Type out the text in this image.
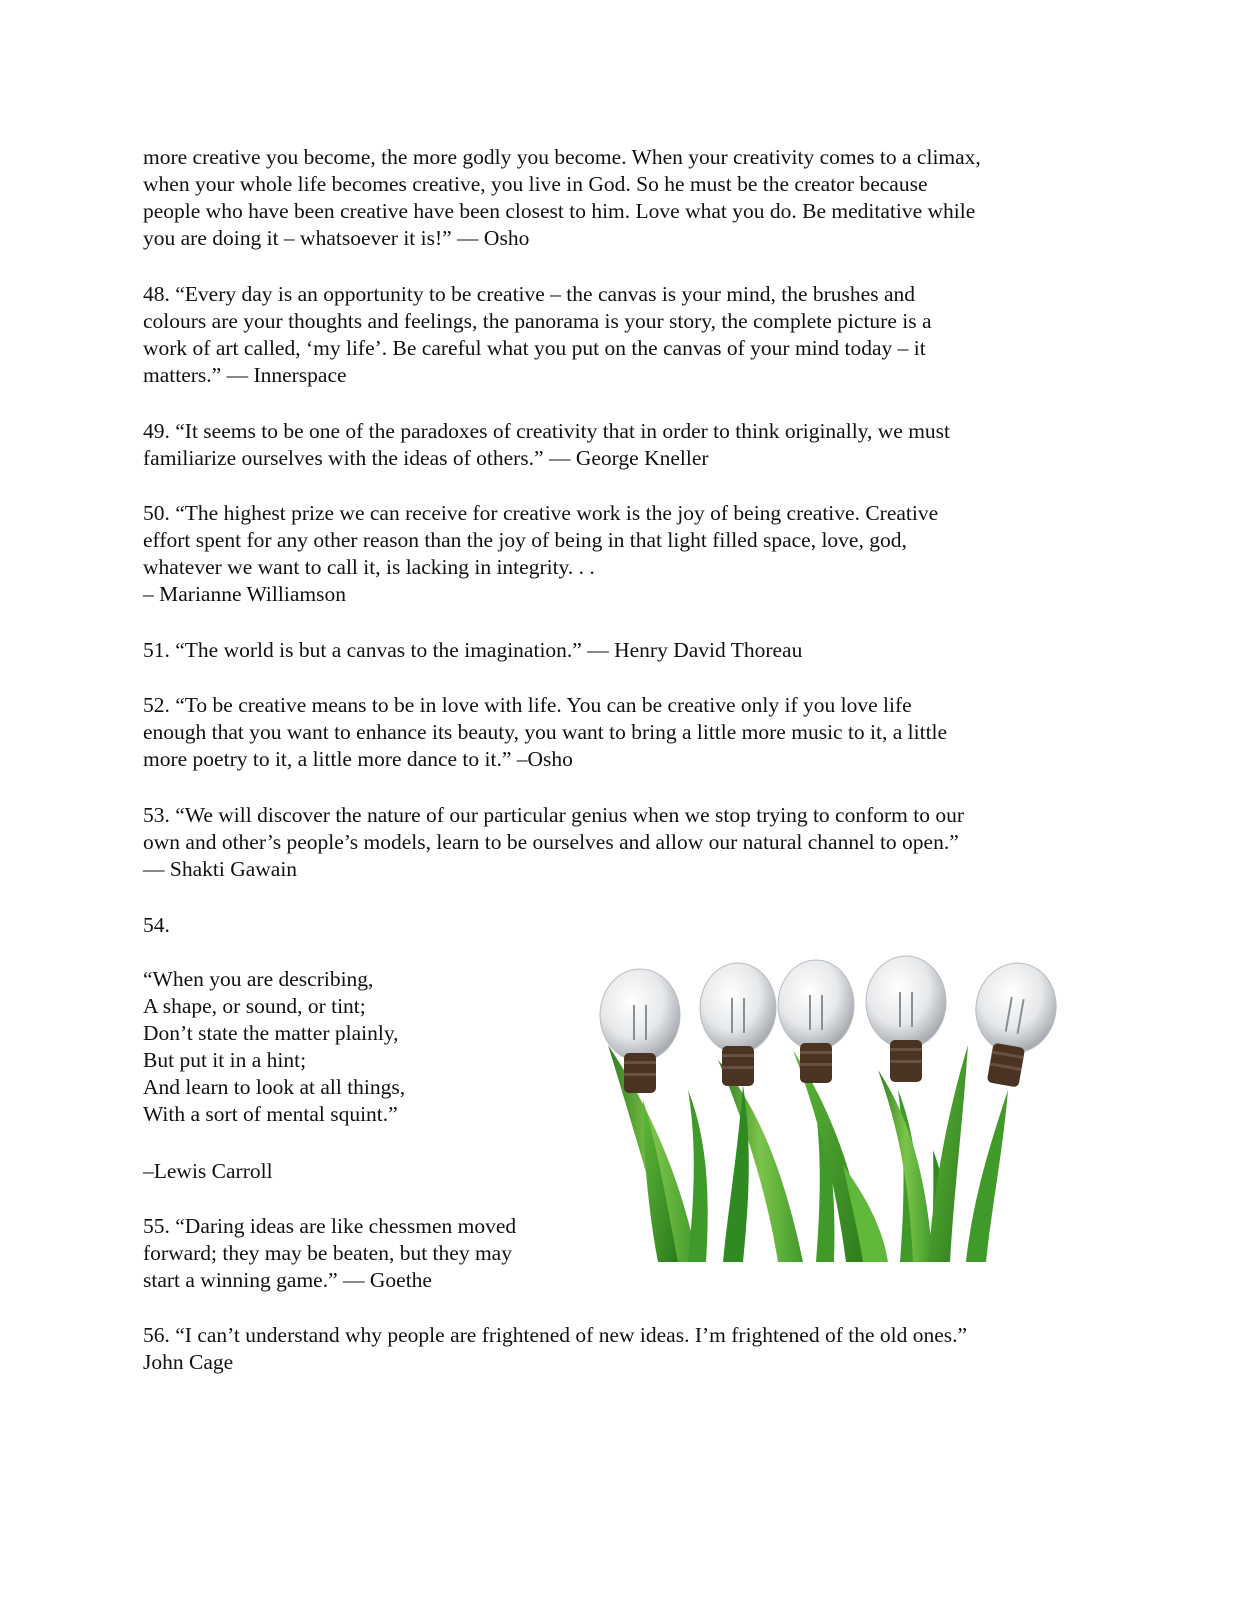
more creative you become, the more godly you become. When your creativity comes to a climax,

when your whole life becomes creative, you live in God. So he must be the creator because

people who have been creative have been closest to him. Love what you do. Be meditative while

you are doing it – whatsoever it is!” — Osho

48. “Every day is an opportunity to be creative – the canvas is your mind, the brushes and

colours are your thoughts and feelings, the panorama is your story, the complete picture is a

work of art called, ‘my life’. Be careful what you put on the canvas of your mind today – it

matters.” — Innerspace

49. “It seems to be one of the paradoxes of creativity that in order to think originally, we must

familiarize ourselves with the ideas of others.” — George Kneller

50. “The highest prize we can receive for creative work is the joy of being creative. Creative

effort spent for any other reason than the joy of being in that light filled space, love, god,

whatever we want to call it, is lacking in integrity. . .

– Marianne Williamson

51. “The world is but a canvas to the imagination.” — Henry David Thoreau

52. “To be creative means to be in love with life. You can be creative only if you love life

enough that you want to enhance its beauty, you want to bring a little more music to it, a little

more poetry to it, a little more dance to it.” –Osho

53. “We will discover the nature of our particular genius when we stop trying to conform to our

own and other’s people’s models, learn to be ourselves and allow our natural channel to open.”

— Shakti Gawain

54.

“When you are describing,

A shape, or sound, or tint;

Don’t state the matter plainly,

But put it in a hint;

And learn to look at all things,

With a sort of mental squint.”

–Lewis Carroll

55. “Daring ideas are like chessmen moved

forward; they may be beaten, but they may

start a winning game.” — Goethe

56. “I can’t understand why people are frightened of new ideas. I’m frightened of the old ones.”

John Cage
